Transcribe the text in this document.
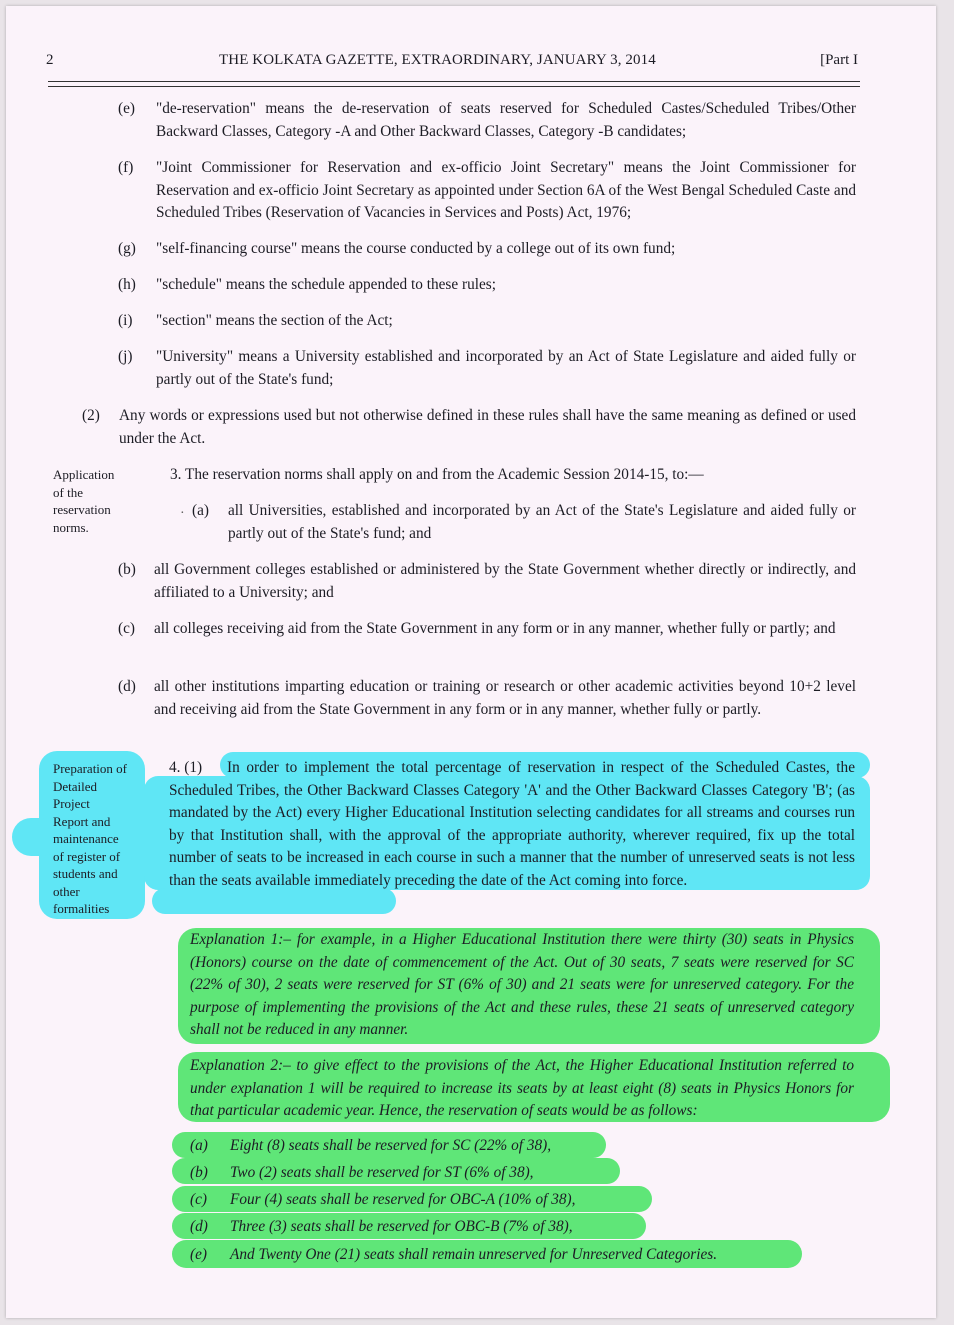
2	THE KOLKATA GAZETTE, EXTRAORDINARY, JANUARY 3, 2014	[Part I
(e) "de-reservation" means the de-reservation of seats reserved for Scheduled Castes/Scheduled Tribes/Other Backward Classes, Category -A and Other Backward Classes, Category -B candidates;
(f) "Joint Commissioner for Reservation and ex-officio Joint Secretary" means the Joint Commissioner for Reservation and ex-officio Joint Secretary as appointed under Section 6A of the West Bengal Scheduled Caste and Scheduled Tribes (Reservation of Vacancies in Services and Posts) Act, 1976;
(g) "self-financing course" means the course conducted by a college out of its own fund;
(h) "schedule" means the schedule appended to these rules;
(i) "section" means the section of the Act;
(j) "University" means a University established and incorporated by an Act of State Legislature and aided fully or partly out of the State's fund;
(2) Any words or expressions used but not otherwise defined in these rules shall have the same meaning as defined or used under the Act.
Application
of the
reservation
norms.
3. The reservation norms shall apply on and from the Academic Session 2014-15, to:—
· (a) all Universities, established and incorporated by an Act of the State's Legislature and aided fully or partly out of the State's fund; and
(b) all Government colleges established or administered by the State Government whether directly or indirectly, and affiliated to a University; and
(c) all colleges receiving aid from the State Government in any form or in any manner, whether fully or partly; and
(d) all other institutions imparting education or training or research or other academic activities beyond 10+2 level and receiving aid from the State Government in any form or in any manner, whether fully or partly.
Preparation of
Detailed
Project
Report and
maintenance
of register of
students and
other
formalities
4. (1)	In order to implement the total percentage of reservation in respect of the Scheduled Castes, the Scheduled Tribes, the Other Backward Classes Category 'A' and the Other Backward Classes Category 'B'; (as mandated by the Act) every Higher Educational Institution selecting candidates for all streams and courses run by that Institution shall, with the approval of the appropriate authority, wherever required, fix up the total number of seats to be increased in each course in such a manner that the number of unreserved seats is not less than the seats available immediately preceding the date of the Act coming into force.
Explanation 1:– for example, in a Higher Educational Institution there were thirty (30) seats in Physics (Honors) course on the date of commencement of the Act. Out of 30 seats, 7 seats were reserved for SC (22% of 30), 2 seats were reserved for ST (6% of 30) and 21 seats were for unreserved category. For the purpose of implementing the provisions of the Act and these rules, these 21 seats of unreserved category shall not be reduced in any manner.
Explanation 2:– to give effect to the provisions of the Act, the Higher Educational Institution referred to under explanation 1 will be required to increase its seats by at least eight (8) seats in Physics Honors for that particular academic year. Hence, the reservation of seats would be as follows:
(a) Eight (8) seats shall be reserved for SC (22% of 38),
(b) Two (2) seats shall be reserved for ST (6% of 38),
(c) Four (4) seats shall be reserved for OBC-A (10% of 38),
(d) Three (3) seats shall be reserved for OBC-B (7% of 38),
(e) And Twenty One (21) seats shall remain unreserved for Unreserved Categories.
